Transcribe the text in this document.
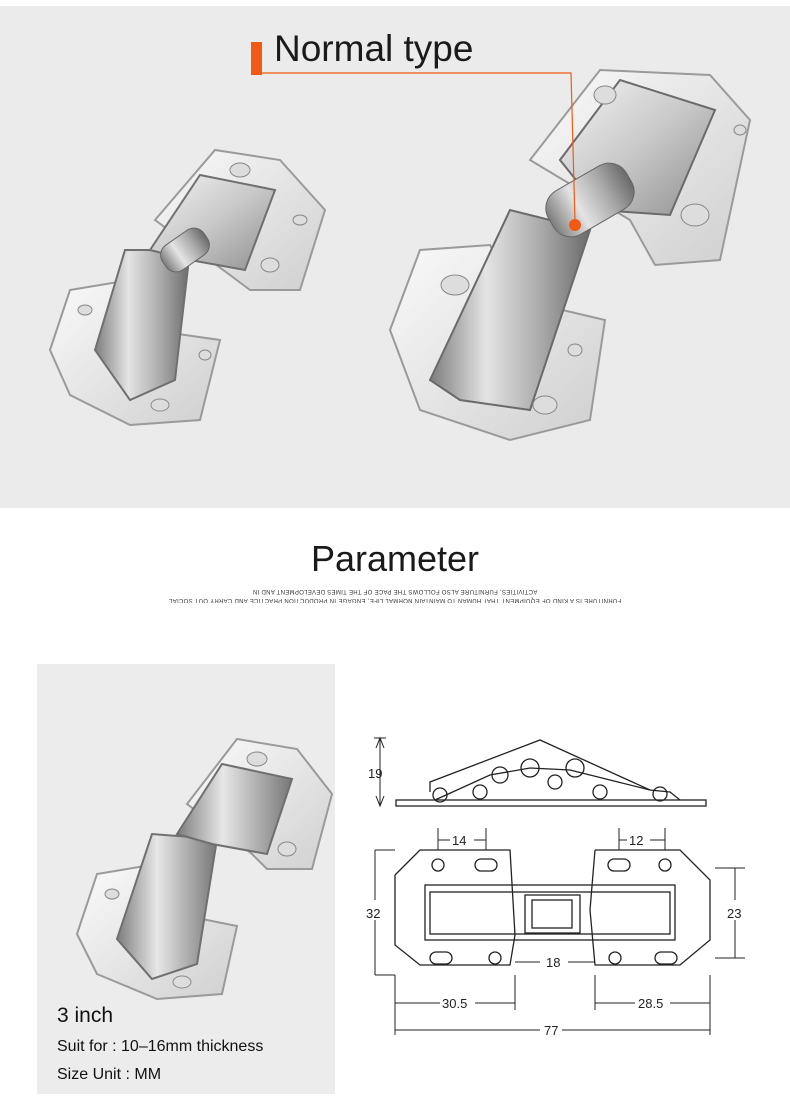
Normal type
Parameter
FURNITURE IS A KIND OF EQUIPMENT THAT HUMAN TO MAINTAIN NORMAL LIFE, ENGAGE IN PRODUCTION PRACTICE AND CARRY OUT SOCIAL ACTIVITIES. FURNITURE ALSO FOLLOWS THE PACE OF THE TIMES DEVELOPMENT AND IN
3 inch
Suit for : 10–16mm thickness
Size Unit : MM
19
14	12
32	23
18
30.5	28.5
77
